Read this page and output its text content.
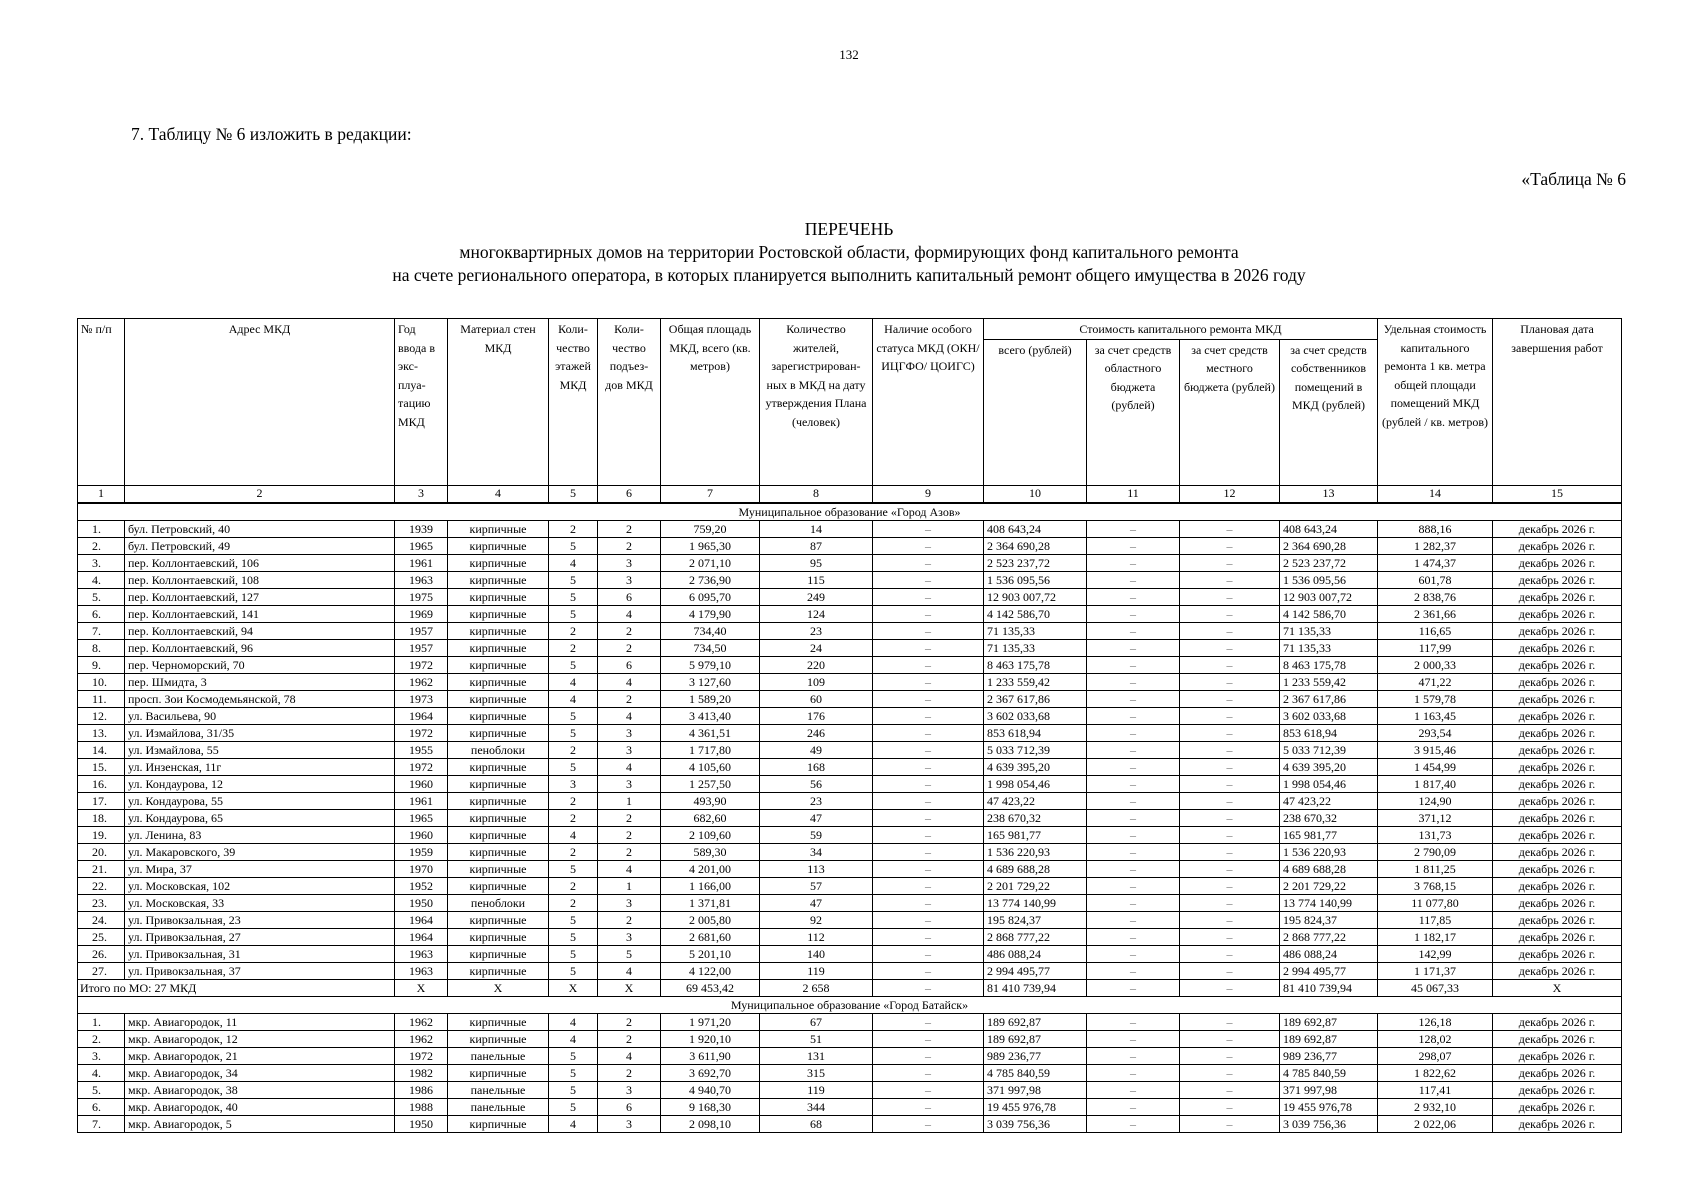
132
7. Таблицу № 6 изложить в редакции:
«Таблица № 6
ПЕРЕЧЕНЬ
многоквартирных домов на территории Ростовской области, формирующих фонд капитального ремонта
на счете регионального оператора, в которых планируется выполнить капитальный ремонт общего имущества в 2026 году
№ п/п	Адрес МКД	Год ввода в экс- плуа- тацию МКД	Материал стен МКД	Коли- чество этажей МКД	Коли- чество подъез- дов МКД	Общая площадь МКД, всего (кв. метров)	Количество жителей, зарегистрирован- ных в МКД на дату утверждения Плана (человек)	Наличие особого статуса МКД (ОКН/ИЦГФО/ ЦОИГС)	Стоимость капитального ремонта МКД				Удельная стоимость капитального ремонта 1 кв. метра общей площади помещений МКД (рублей / кв. метров)	Плановая дата завершения работ
									всего (рублей)	за счет средств областного бюджета (рублей)	за счет средств местного бюджета (рублей)	за счет средств собственников помещений в МКД (рублей)		
1	2	3	4	5	6	7	8	9	10	11	12	13	14	15
Муниципальное образование «Город Азов»														
1.	бул. Петровский, 40	1939	кирпичные	2	2	759,20	14	–	408 643,24	–	–	408 643,24	888,16	декабрь 2026 г.
2.	бул. Петровский, 49	1965	кирпичные	5	2	1 965,30	87	–	2 364 690,28	–	–	2 364 690,28	1 282,37	декабрь 2026 г.
3.	пер. Коллонтаевский, 106	1961	кирпичные	4	3	2 071,10	95	–	2 523 237,72	–	–	2 523 237,72	1 474,37	декабрь 2026 г.
4.	пер. Коллонтаевский, 108	1963	кирпичные	5	3	2 736,90	115	–	1 536 095,56	–	–	1 536 095,56	601,78	декабрь 2026 г.
5.	пер. Коллонтаевский, 127	1975	кирпичные	5	6	6 095,70	249	–	12 903 007,72	–	–	12 903 007,72	2 838,76	декабрь 2026 г.
6.	пер. Коллонтаевский, 141	1969	кирпичные	5	4	4 179,90	124	–	4 142 586,70	–	–	4 142 586,70	2 361,66	декабрь 2026 г.
7.	пер. Коллонтаевский, 94	1957	кирпичные	2	2	734,40	23	–	71 135,33	–	–	71 135,33	116,65	декабрь 2026 г.
8.	пер. Коллонтаевский, 96	1957	кирпичные	2	2	734,50	24	–	71 135,33	–	–	71 135,33	117,99	декабрь 2026 г.
9.	пер. Черноморский, 70	1972	кирпичные	5	6	5 979,10	220	–	8 463 175,78	–	–	8 463 175,78	2 000,33	декабрь 2026 г.
10.	пер. Шмидта, 3	1962	кирпичные	4	4	3 127,60	109	–	1 233 559,42	–	–	1 233 559,42	471,22	декабрь 2026 г.
11.	просп. Зои Космодемьянской, 78	1973	кирпичные	4	2	1 589,20	60	–	2 367 617,86	–	–	2 367 617,86	1 579,78	декабрь 2026 г.
12.	ул. Васильева, 90	1964	кирпичные	5	4	3 413,40	176	–	3 602 033,68	–	–	3 602 033,68	1 163,45	декабрь 2026 г.
13.	ул. Измайлова, 31/35	1972	кирпичные	5	3	4 361,51	246	–	853 618,94	–	–	853 618,94	293,54	декабрь 2026 г.
14.	ул. Измайлова, 55	1955	пеноблоки	2	3	1 717,80	49	–	5 033 712,39	–	–	5 033 712,39	3 915,46	декабрь 2026 г.
15.	ул. Инзенская, 11г	1972	кирпичные	5	4	4 105,60	168	–	4 639 395,20	–	–	4 639 395,20	1 454,99	декабрь 2026 г.
16.	ул. Кондаурова, 12	1960	кирпичные	3	3	1 257,50	56	–	1 998 054,46	–	–	1 998 054,46	1 817,40	декабрь 2026 г.
17.	ул. Кондаурова, 55	1961	кирпичные	2	1	493,90	23	–	47 423,22	–	–	47 423,22	124,90	декабрь 2026 г.
18.	ул. Кондаурова, 65	1965	кирпичные	2	2	682,60	47	–	238 670,32	–	–	238 670,32	371,12	декабрь 2026 г.
19.	ул. Ленина, 83	1960	кирпичные	4	2	2 109,60	59	–	165 981,77	–	–	165 981,77	131,73	декабрь 2026 г.
20.	ул. Макаровского, 39	1959	кирпичные	2	2	589,30	34	–	1 536 220,93	–	–	1 536 220,93	2 790,09	декабрь 2026 г.
21.	ул. Мира, 37	1970	кирпичные	5	4	4 201,00	113	–	4 689 688,28	–	–	4 689 688,28	1 811,25	декабрь 2026 г.
22.	ул. Московская, 102	1952	кирпичные	2	1	1 166,00	57	–	2 201 729,22	–	–	2 201 729,22	3 768,15	декабрь 2026 г.
23.	ул. Московская, 33	1950	пеноблоки	2	3	1 371,81	47	–	13 774 140,99	–	–	13 774 140,99	11 077,80	декабрь 2026 г.
24.	ул. Привокзальная, 23	1964	кирпичные	5	2	2 005,80	92	–	195 824,37	–	–	195 824,37	117,85	декабрь 2026 г.
25.	ул. Привокзальная, 27	1964	кирпичные	5	3	2 681,60	112	–	2 868 777,22	–	–	2 868 777,22	1 182,17	декабрь 2026 г.
26.	ул. Привокзальная, 31	1963	кирпичные	5	5	5 201,10	140	–	486 088,24	–	–	486 088,24	142,99	декабрь 2026 г.
27.	ул. Привокзальная, 37	1963	кирпичные	5	4	4 122,00	119	–	2 994 495,77	–	–	2 994 495,77	1 171,37	декабрь 2026 г.
Итого по МО: 27 МКД		X	X	X	X	69 453,42	2 658	–	81 410 739,94	–	–	81 410 739,94	45 067,33	X
Муниципальное образование «Город Батайск»														
1.	мкр. Авиагородок, 11	1962	кирпичные	4	2	1 971,20	67	–	189 692,87	–	–	189 692,87	126,18	декабрь 2026 г.
2.	мкр. Авиагородок, 12	1962	кирпичные	4	2	1 920,10	51	–	189 692,87	–	–	189 692,87	128,02	декабрь 2026 г.
3.	мкр. Авиагородок, 21	1972	панельные	5	4	3 611,90	131	–	989 236,77	–	–	989 236,77	298,07	декабрь 2026 г.
4.	мкр. Авиагородок, 34	1982	кирпичные	5	2	3 692,70	315	–	4 785 840,59	–	–	4 785 840,59	1 822,62	декабрь 2026 г.
5.	мкр. Авиагородок, 38	1986	панельные	5	3	4 940,70	119	–	371 997,98	–	–	371 997,98	117,41	декабрь 2026 г.
6.	мкр. Авиагородок, 40	1988	панельные	5	6	9 168,30	344	–	19 455 976,78	–	–	19 455 976,78	2 932,10	декабрь 2026 г.
7.	мкр. Авиагородок, 5	1950	кирпичные	4	3	2 098,10	68	–	3 039 756,36	–	–	3 039 756,36	2 022,06	декабрь 2026 г.
